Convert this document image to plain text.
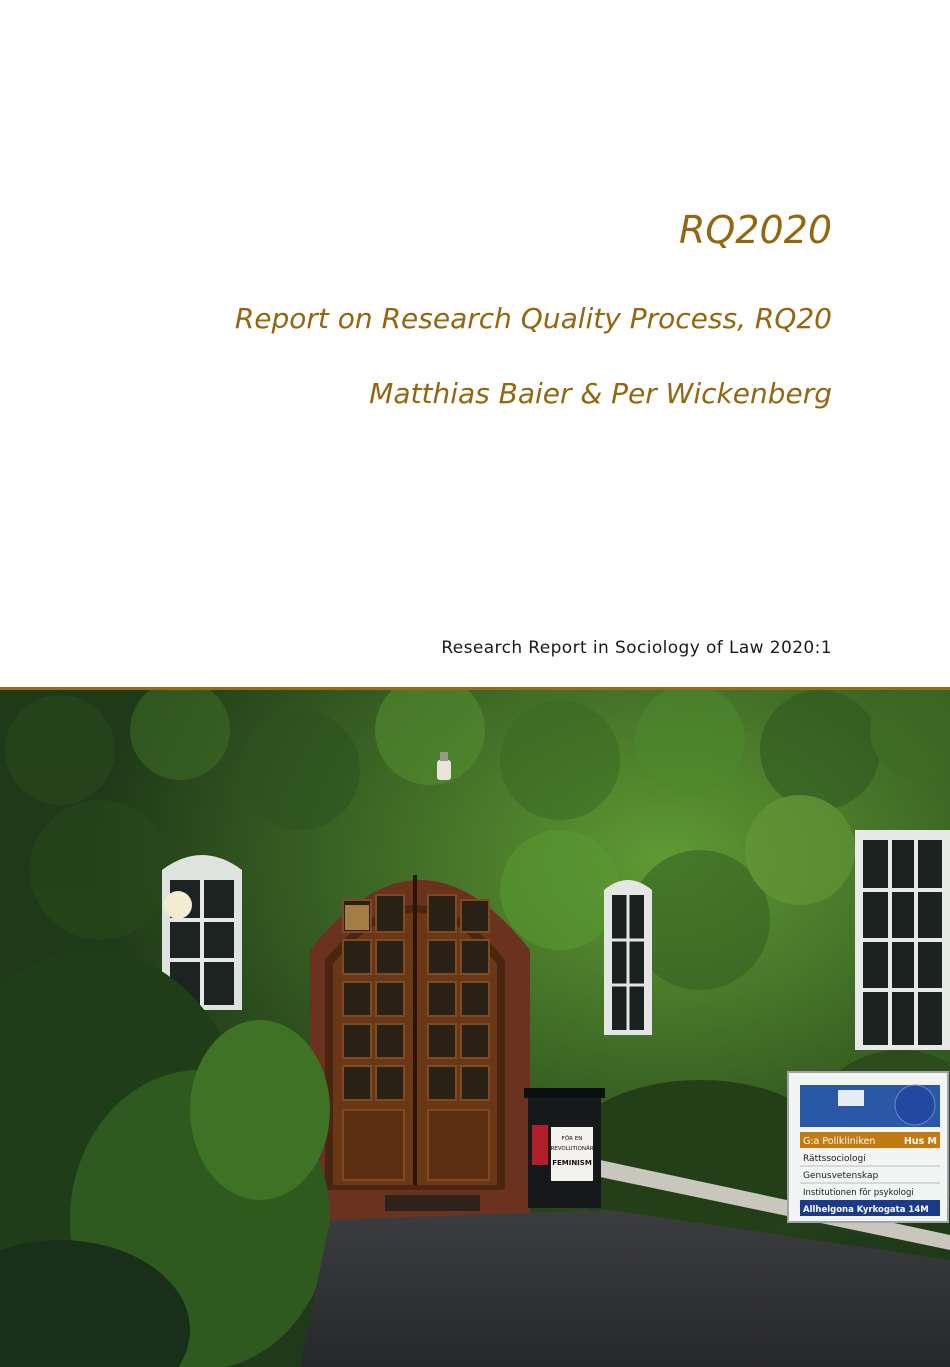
RQ2020
Report on Research Quality Process, RQ20
Matthias Baier & Per Wickenberg
Research Report in Sociology of Law 2020:1
FÖR EN
REVOLUTIONÄR
FEMINISM
G:a Polikliniken	Hus M
Rättssociologi
Genusvetenskap
Institutionen för psykologi
Allhelgona Kyrkogata 14M
